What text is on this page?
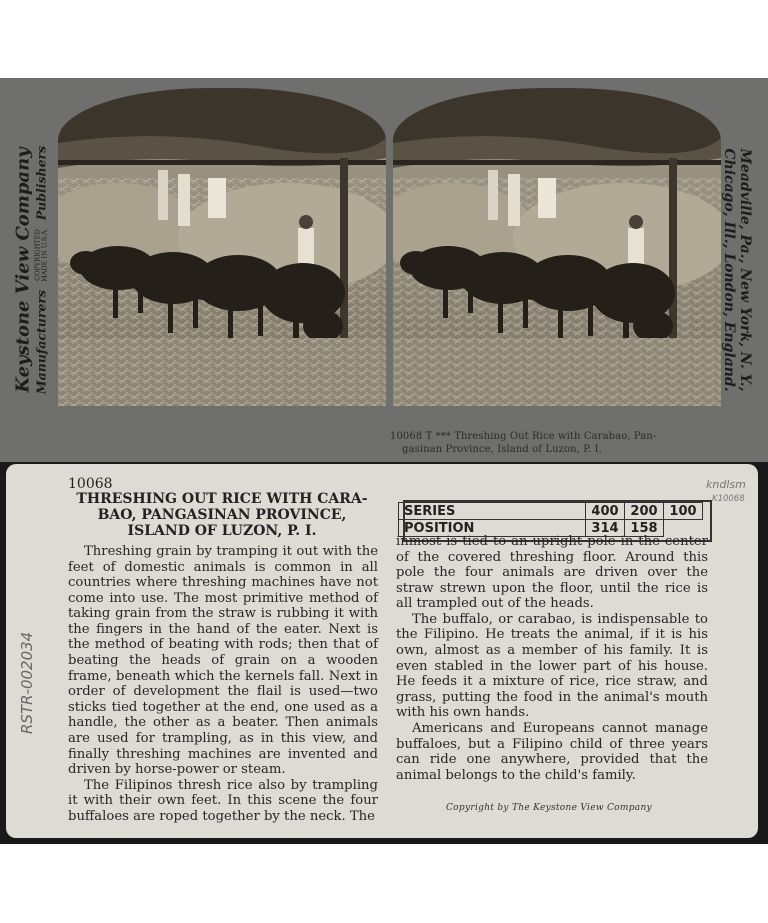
Keystone View Company Manufacturers
COPYRIGHTED
MADE IN U.S.A.
Publishers	Meadville, Pa., New York, N. Y.,
Chicago, Ill., London, England.
10068 T *** Threshing Out Rice with Carabao, Pan-
gasinan Province, Island of Luzon, P. I.
10068
THRESHING OUT RICE WITH CARA-
BAO, PANGASINAN PROVINCE,
ISLAND OF LUZON, P. I.

Threshing grain by tramping it out with the feet of domestic animals is common in all countries where threshing machines have not come into use. The most primitive method of taking grain from the straw is rubbing it with the fingers in the hand of the eater. Next is the method of beating with rods; then that of beating the heads of grain on a wooden frame, beneath which the kernels fall. Next in order of development the flail is used—two sticks tied together at the end, one used as a handle, the other as a beater. Then animals are used for trampling, as in this view, and finally threshing machines are invented and driven by horse-power or steam.

The Filipinos thresh rice also by trampling it with their own feet. In this scene the four buffaloes are roped together by the neck. The

SERIES	400	200	100
POSITION	314	158	

inmost is tied to an upright pole in the center of the covered threshing floor. Around this pole the four animals are driven over the straw strewn upon the floor, until the rice is all trampled out of the heads.

The buffalo, or carabao, is indispensable to the Filipino. He treats the animal, if it is his own, almost as a member of his family. It is even stabled in the lower part of his house. He feeds it a mixture of rice, rice straw, and grass, putting the food in the animal's mouth with his own hands.

Americans and Europeans cannot manage buffaloes, but a Filipino child of three years can ride one anywhere, provided that the animal belongs to the child's family.

Copyright by The Keystone View Company
RSTR-002034
kndlsm
K10068
